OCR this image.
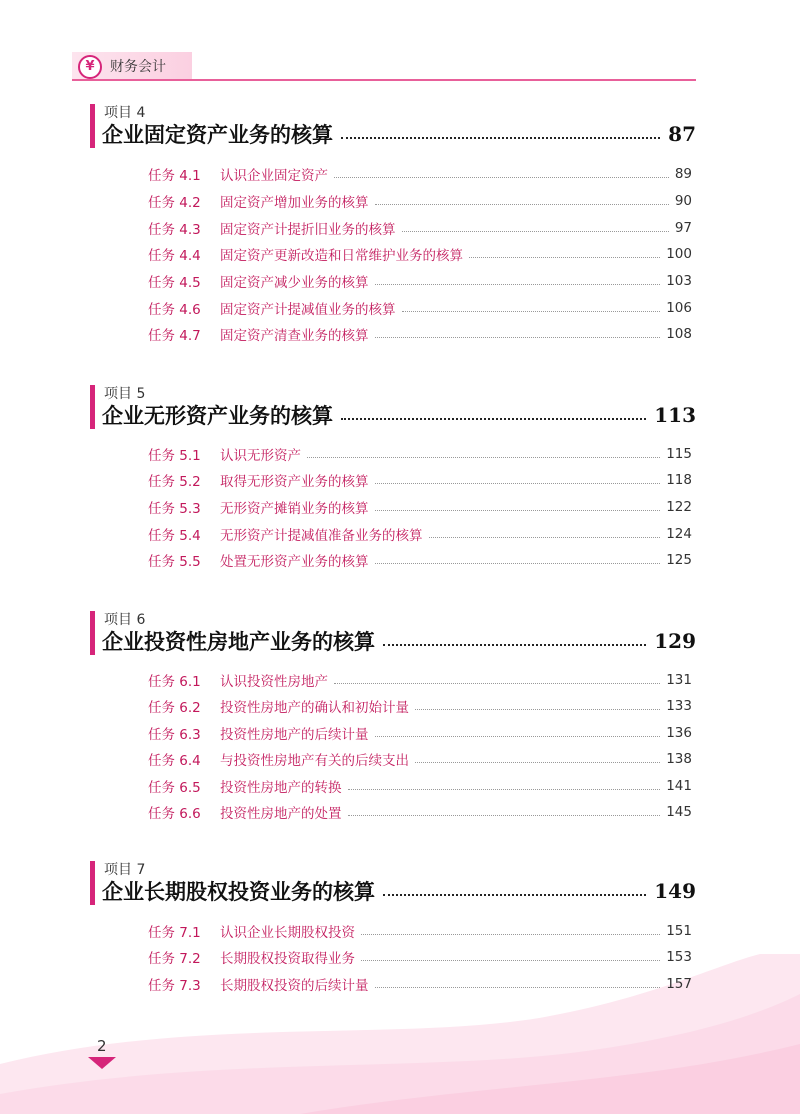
¥	财务会计
项目 4
企业固定资产业务的核算	87
任务 4.1	认识企业固定资产	89
任务 4.2	固定资产增加业务的核算	90
任务 4.3	固定资产计提折旧业务的核算	97
任务 4.4	固定资产更新改造和日常维护业务的核算	100
任务 4.5	固定资产减少业务的核算	103
任务 4.6	固定资产计提减值业务的核算	106
任务 4.7	固定资产清查业务的核算	108
项目 5
企业无形资产业务的核算	113
任务 5.1	认识无形资产	115
任务 5.2	取得无形资产业务的核算	118
任务 5.3	无形资产摊销业务的核算	122
任务 5.4	无形资产计提减值准备业务的核算	124
任务 5.5	处置无形资产业务的核算	125
项目 6
企业投资性房地产业务的核算	129
任务 6.1	认识投资性房地产	131
任务 6.2	投资性房地产的确认和初始计量	133
任务 6.3	投资性房地产的后续计量	136
任务 6.4	与投资性房地产有关的后续支出	138
任务 6.5	投资性房地产的转换	141
任务 6.6	投资性房地产的处置	145
项目 7
企业长期股权投资业务的核算	149
任务 7.1	认识企业长期股权投资	151
任务 7.2	长期股权投资取得业务	153
任务 7.3	长期股权投资的后续计量	157
2
